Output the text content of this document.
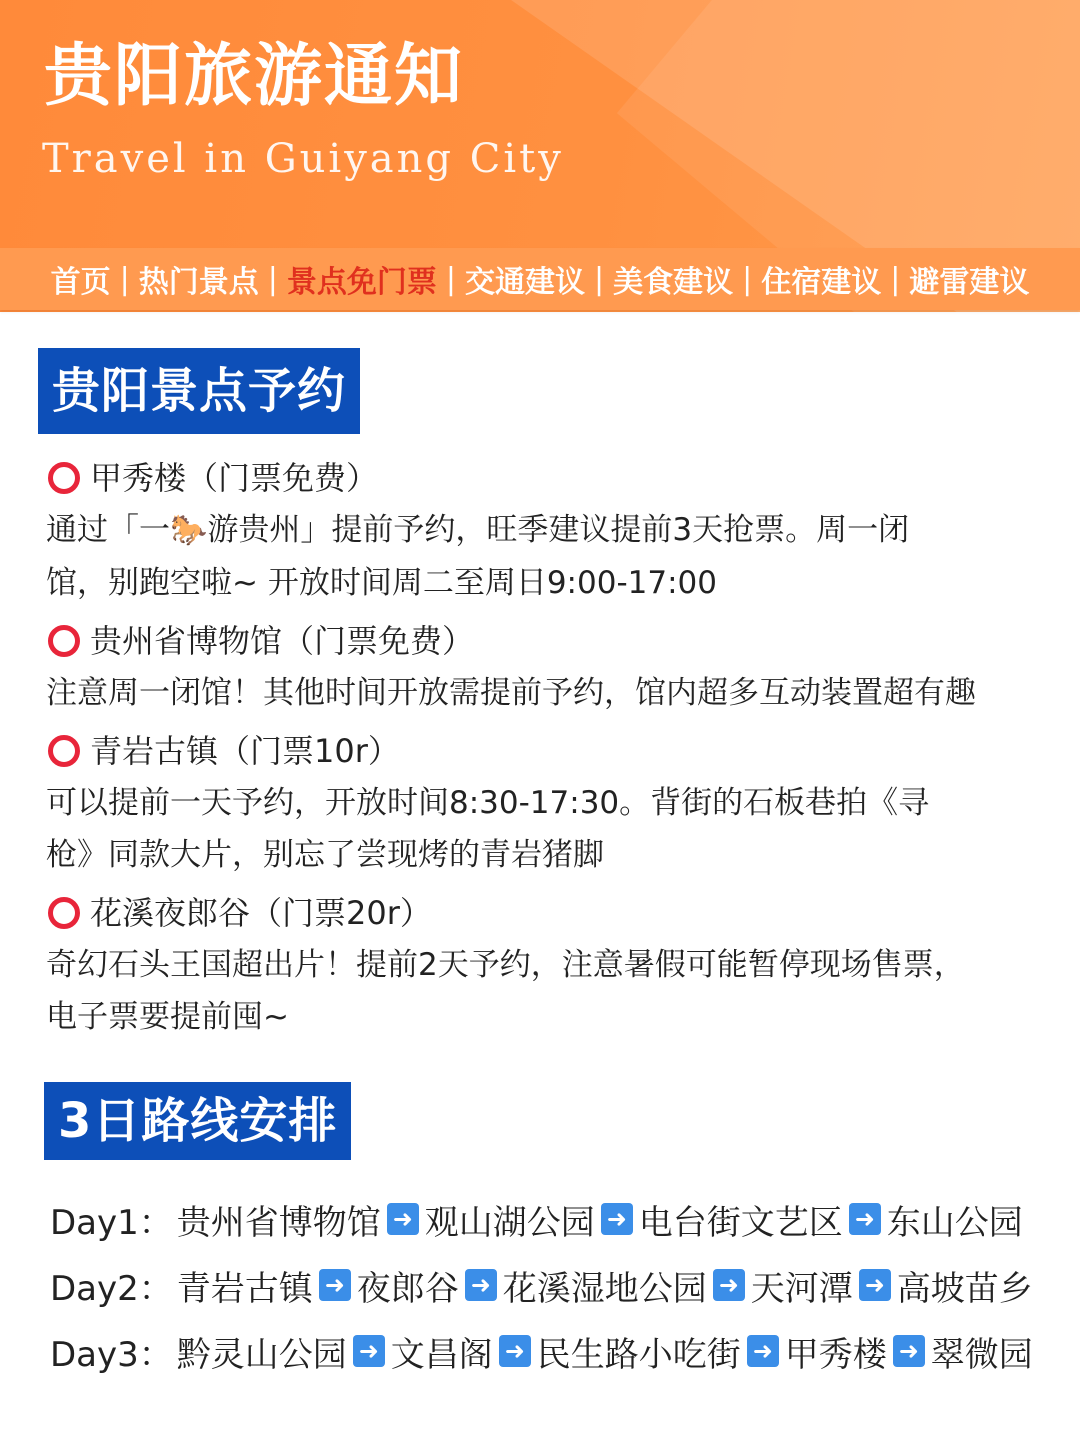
贵阳旅游通知
Travel in Guiyang City
首页 | 热门景点 | 景点免门票 | 交通建议 | 美食建议 | 住宿建议 | 避雷建议
贵阳景点予约
甲秀楼（门票免费）
通过「一🐎游贵州」提前予约，旺季建议提前3天抢票。周一闭
馆，别跑空啦~ 开放时间周二至周日9:00-17:00
贵州省博物馆（门票免费）
注意周一闭馆！其他时间开放需提前予约，馆内超多互动装置超有趣
青岩古镇（门票10r）
可以提前一天予约，开放时间8:30-17:30。背街的石板巷拍《寻
枪》同款大片，别忘了尝现烤的青岩猪脚
花溪夜郎谷（门票20r）
奇幻石头王国超出片！提前2天予约，注意暑假可能暂停现场售票，
电子票要提前囤~
3日路线安排
Day1： 贵州省博物馆 ➜ 观山湖公园 ➜ 电台街文艺区 ➜ 东山公园
Day2： 青岩古镇 ➜ 夜郎谷 ➜ 花溪湿地公园 ➜ 天河潭 ➜ 高坡苗乡
Day3： 黔灵山公园 ➜ 文昌阁 ➜ 民生路小吃街 ➜ 甲秀楼 ➜ 翠微园
